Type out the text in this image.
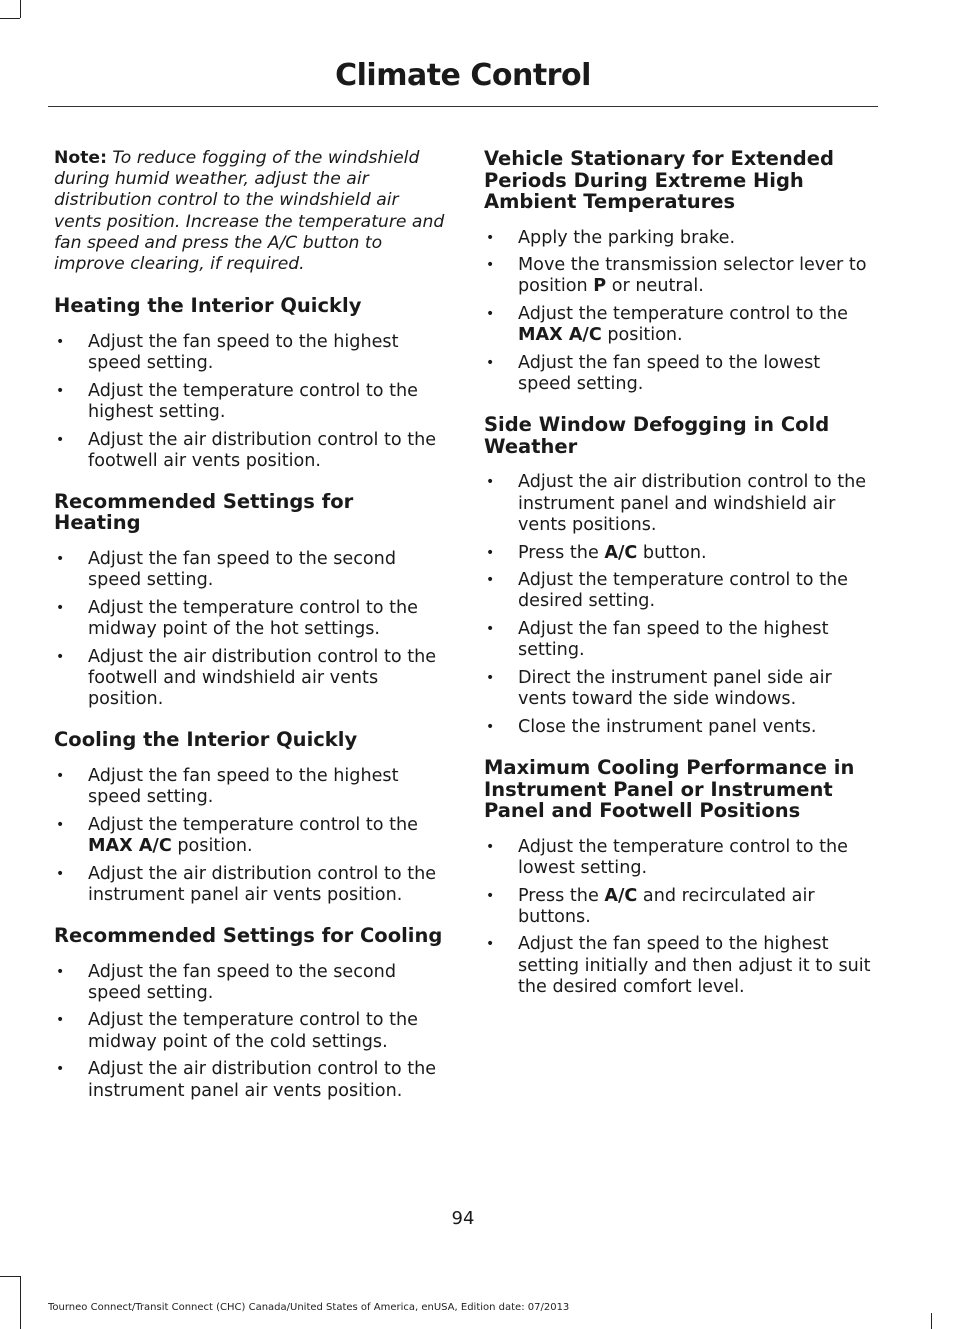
Climate Control

Note: To reduce fogging of the windshield during humid weather, adjust the air distribution control to the windshield air vents position. Increase the temperature and fan speed and press the A/C button to improve clearing, if required.

Heating the Interior Quickly
• Adjust the fan speed to the highest speed setting.
• Adjust the temperature control to the highest setting.
• Adjust the air distribution control to the footwell air vents position.
Recommended Settings for Heating
• Adjust the fan speed to the second speed setting.
• Adjust the temperature control to the midway point of the hot settings.
• Adjust the air distribution control to the footwell and windshield air vents position.
Cooling the Interior Quickly
• Adjust the fan speed to the highest speed setting.
• Adjust the temperature control to the MAX A/C position.
• Adjust the air distribution control to the instrument panel air vents position.
Recommended Settings for Cooling
• Adjust the fan speed to the second speed setting.
• Adjust the temperature control to the midway point of the cold settings.
• Adjust the air distribution control to the instrument panel air vents position.
Vehicle Stationary for Extended Periods During Extreme High Ambient Temperatures
• Apply the parking brake.
• Move the transmission selector lever to position P or neutral.
• Adjust the temperature control to the MAX A/C position.
• Adjust the fan speed to the lowest speed setting.
Side Window Defogging in Cold Weather
• Adjust the air distribution control to the instrument panel and windshield air vents positions.
• Press the A/C button.
• Adjust the temperature control to the desired setting.
• Adjust the fan speed to the highest setting.
• Direct the instrument panel side air vents toward the side windows.
• Close the instrument panel vents.
Maximum Cooling Performance in Instrument Panel or Instrument Panel and Footwell Positions
• Adjust the temperature control to the lowest setting.
• Press the A/C and recirculated air buttons.
• Adjust the fan speed to the highest setting initially and then adjust it to suit the desired comfort level.
94
Tourneo Connect/Transit Connect (CHC) Canada/United States of America, enUSA, Edition date: 07/2013
